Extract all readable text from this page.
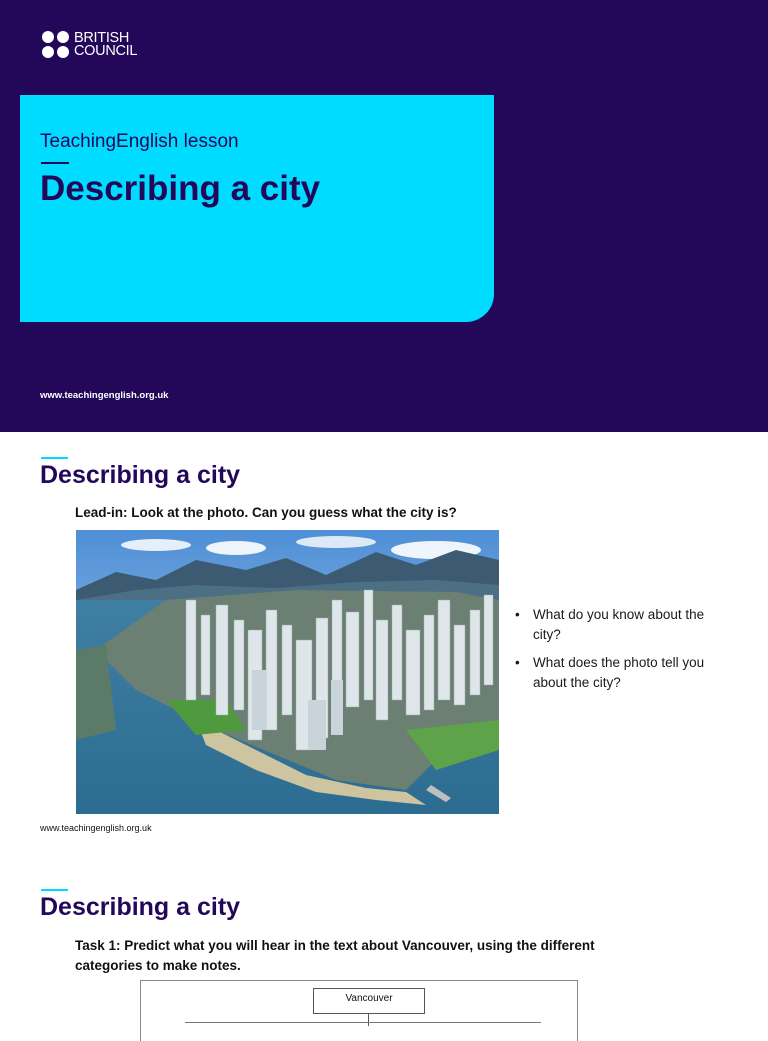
BRITISH
COUNCIL
TeachingEnglish lesson
Describing a city
www.teachingenglish.org.uk
Describing a city
Lead-in: Look at the photo. Can you guess what the city is?
• What do you know about the city?
• What does the photo tell you about the city?
www.teachingenglish.org.uk
Describing a city
Task 1: Predict what you will hear in the text about Vancouver, using the different
categories to make notes.
Vancouver
